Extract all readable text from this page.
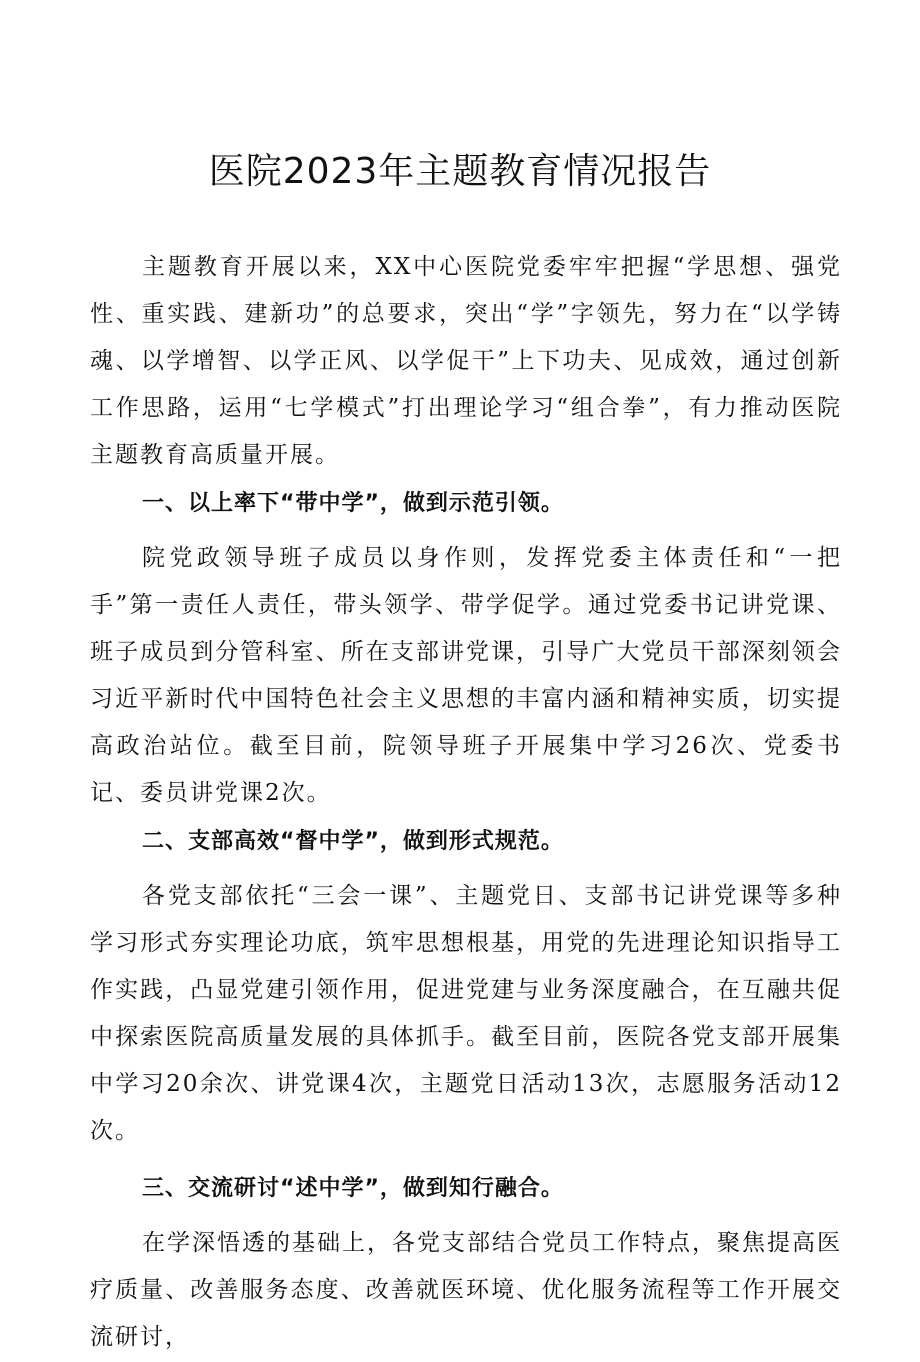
医院2023年主题教育情况报告

主题教育开展以来，XX中心医院党委牢牢把握“学思想、强党性、重实践、建新功”的总要求，突出“学”字领先，努力在“以学铸魂、以学增智、以学正风、以学促干”上下功夫、见成效，通过创新工作思路，运用“七学模式”打出理论学习“组合拳”，有力推动医院主题教育高质量开展。

一、以上率下“带中学”，做到示范引领。

院党政领导班子成员以身作则，发挥党委主体责任和“一把手”第一责任人责任，带头领学、带学促学。通过党委书记讲党课、班子成员到分管科室、所在支部讲党课，引导广大党员干部深刻领会习近平新时代中国特色社会主义思想的丰富内涵和精神实质，切实提高政治站位。截至目前，院领导班子开展集中学习26次、党委书记、委员讲党课2次。

二、支部高效“督中学”，做到形式规范。

各党支部依托“三会一课”、主题党日、支部书记讲党课等多种学习形式夯实理论功底，筑牢思想根基，用党的先进理论知识指导工作实践，凸显党建引领作用，促进党建与业务深度融合，在互融共促中探索医院高质量发展的具体抓手。截至目前，医院各党支部开展集中学习20余次、讲党课4次，主题党日活动13次，志愿服务活动12次。

三、交流研讨“述中学”，做到知行融合。

在学深悟透的基础上，各党支部结合党员工作特点，聚焦提高医疗质量、改善服务态度、改善就医环境、优化服务流程等工作开展交流研讨，
